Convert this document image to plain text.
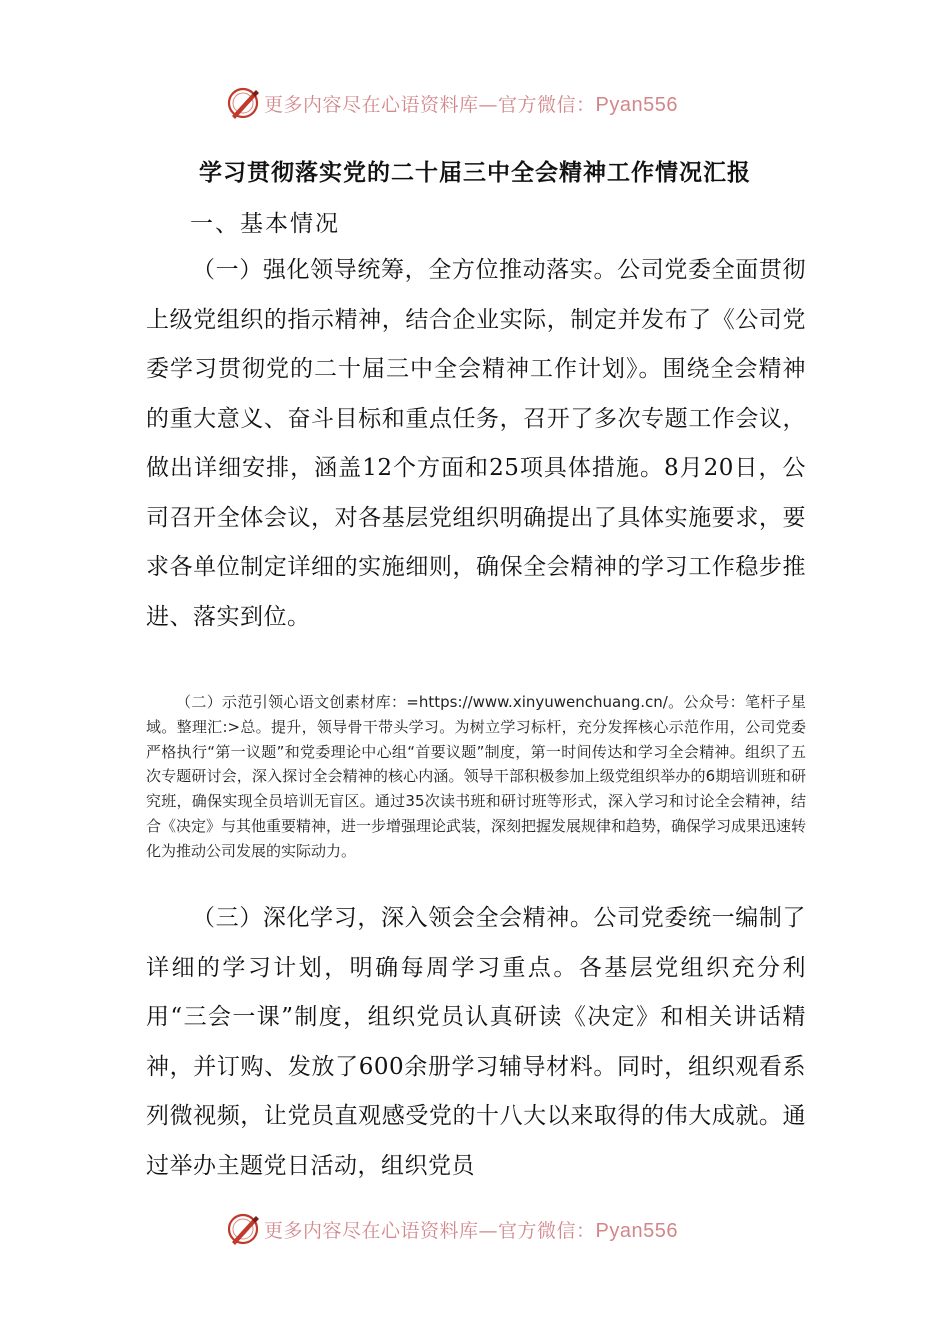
更多内容尽在心语资料库—官方微信：Pyan556
学习贯彻落实党的二十届三中全会精神工作情况汇报
一、基本情况

（一）强化领导统筹，全方位推动落实。公司党委全面贯彻上级党组织的指示精神，结合企业实际，制定并发布了《公司党委学习贯彻党的二十届三中全会精神工作计划》。围绕全会精神的重大意义、奋斗目标和重点任务，召开了多次专题工作会议，做出详细安排，涵盖12个方面和25项具体措施。8月20日，公司召开全体会议，对各基层党组织明确提出了具体实施要求，要求各单位制定详细的实施细则，确保全会精神的学习工作稳步推进、落实到位。

（二）示范引领心语文创素材库：=https://www.xinyuwenchuang.cn/。公众号：笔杆子星域。整理汇:>总。提升，领导骨干带头学习。为树立学习标杆，充分发挥核心示范作用，公司党委严格执行“第一议题”和党委理论中心组“首要议题”制度，第一时间传达和学习全会精神。组织了五次专题研讨会，深入探讨全会精神的核心内涵。领导干部积极参加上级党组织举办的6期培训班和研究班，确保实现全员培训无盲区。通过35次读书班和研讨班等形式，深入学习和讨论全会精神，结合《决定》与其他重要精神，进一步增强理论武装，深刻把握发展规律和趋势，确保学习成果迅速转化为推动公司发展的实际动力。

（三）深化学习，深入领会全会精神。公司党委统一编制了详细的学习计划，明确每周学习重点。各基层党组织充分利用“三会一课”制度，组织党员认真研读《决定》和相关讲话精神，并订购、发放了600余册学习辅导材料。同时，组织观看系列微视频，让党员直观感受党的十八大以来取得的伟大成就。通过举办主题党日活动，组织党员

更多内容尽在心语资料库—官方微信：Pyan556
